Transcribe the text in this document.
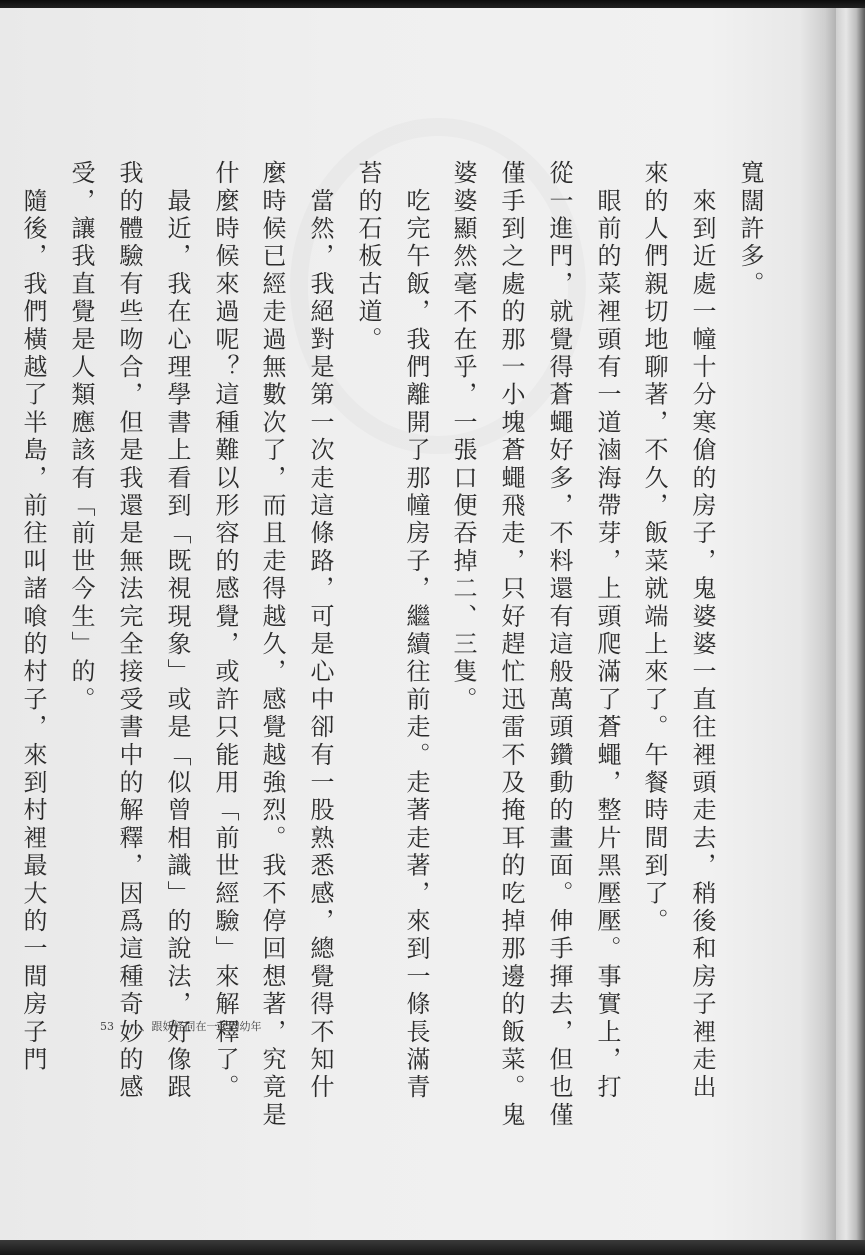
寬闊許多。

　來到近處一幢十分寒傖的房子，鬼婆婆一直往裡頭走去，稍後和房子裡走出

來的人們親切地聊著，不久，飯菜就端上來了。午餐時間到了。

　眼前的菜裡頭有一道滷海帶芽，上頭爬滿了蒼蠅，整片黑壓壓。事實上，打

從一進門，就覺得蒼蠅好多，不料還有這般萬頭鑽動的畫面。伸手揮去，但也僅

僅手到之處的那一小塊蒼蠅飛走，只好趕忙迅雷不及掩耳的吃掉那邊的飯菜。鬼

婆婆顯然毫不在乎，一張口便吞掉二、三隻。

　吃完午飯，我們離開了那幢房子，繼續往前走。走著走著，來到一條長滿青

苔的石板古道。

　當然，我絕對是第一次走這條路，可是心中卻有一股熟悉感，總覺得不知什

麼時候已經走過無數次了，而且走得越久，感覺越強烈。我不停回想著，究竟是

什麼時候來過呢？這種難以形容的感覺，或許只能用「前世經驗」來解釋了。

　最近，我在心理學書上看到「既視現象」或是「似曾相識」的說法，好像跟

我的體驗有些吻合，但是我還是無法完全接受書中的解釋，因爲這種奇妙的感

受，讓我直覺是人類應該有「前世今生」的。

　隨後，我們橫越了半島，前往叫諸喰的村子，來到村裡最大的一間房子門	53 一、跟妖怪同在一起的幼年
